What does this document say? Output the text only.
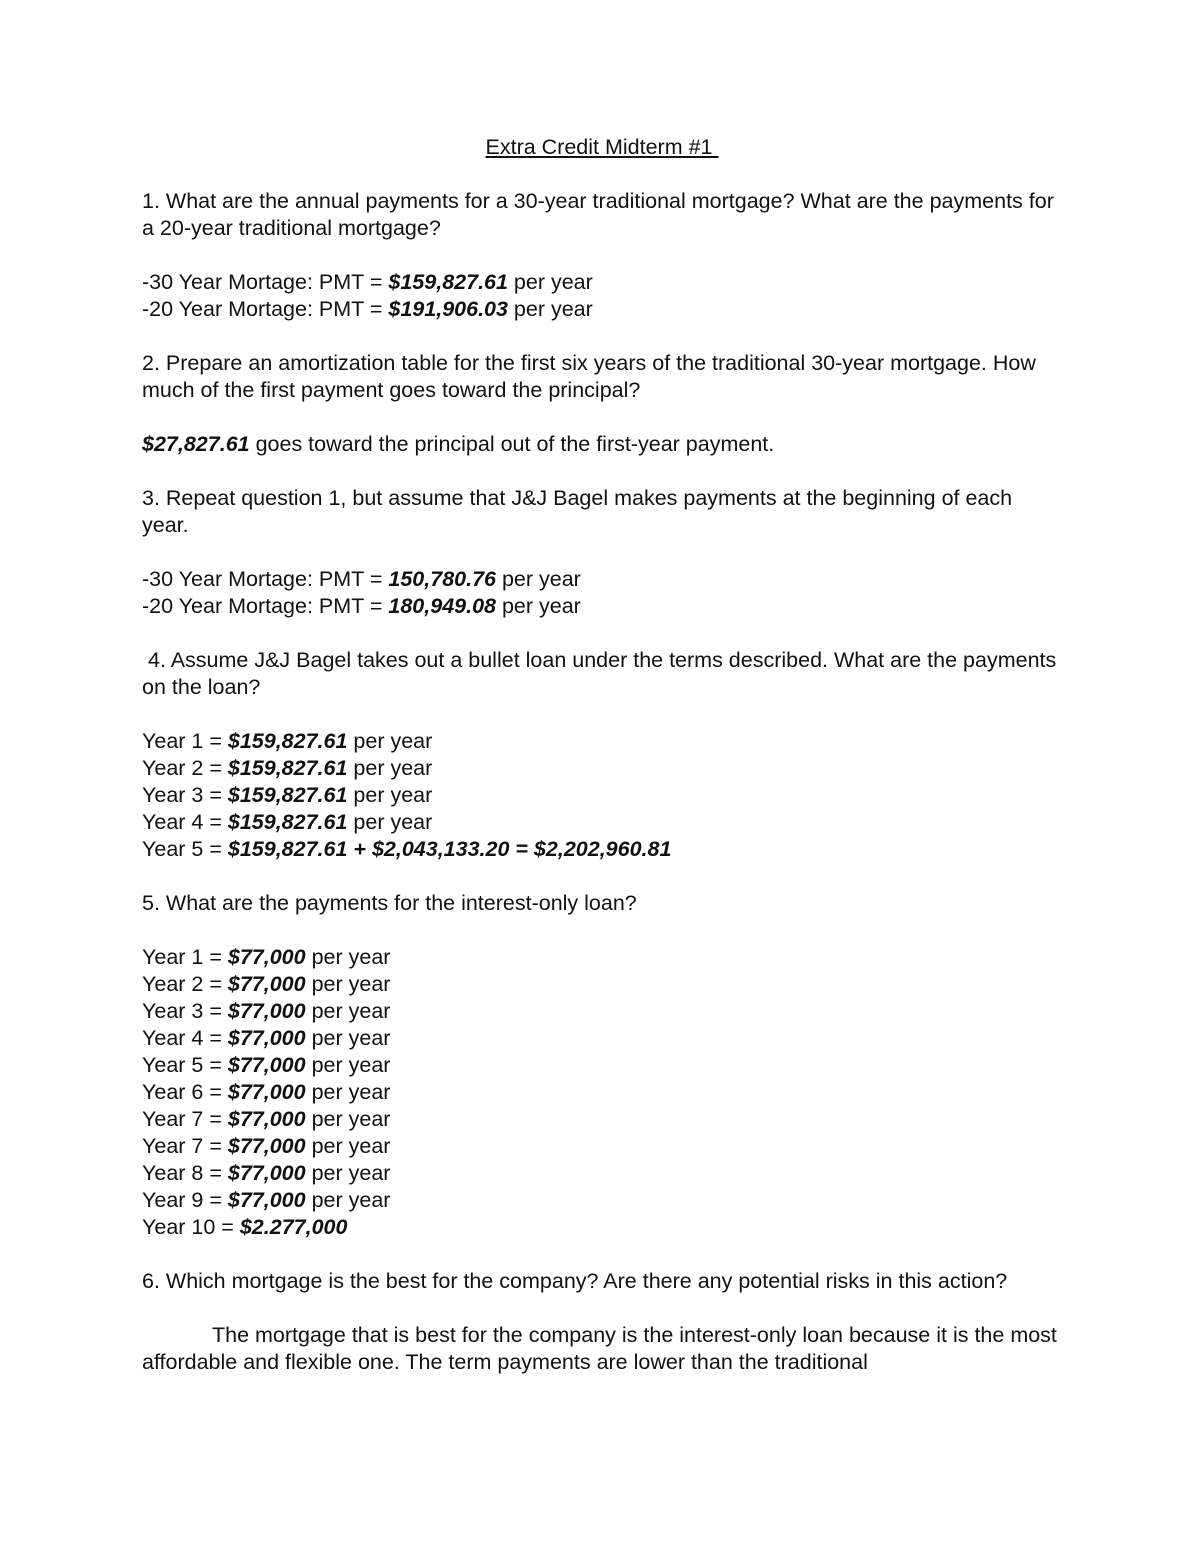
Extra Credit Midterm #1

1. What are the annual payments for a 30-year traditional mortgage? What are the payments for a 20-year traditional mortgage?

-30 Year Mortage: PMT = $159,827.61 per year

-20 Year Mortage: PMT = $191,906.03 per year

2. Prepare an amortization table for the first six years of the traditional 30-year mortgage. How much of the first payment goes toward the principal?

$27,827.61 goes toward the principal out of the first-year payment.

3. Repeat question 1, but assume that J&J Bagel makes payments at the beginning of each year.

-30 Year Mortage: PMT = 150,780.76 per year

-20 Year Mortage: PMT = 180,949.08 per year

4. Assume J&J Bagel takes out a bullet loan under the terms described. What are the payments on the loan?

Year 1 = $159,827.61 per year

Year 2 = $159,827.61 per year

Year 3 = $159,827.61 per year

Year 4 = $159,827.61 per year

Year 5 = $159,827.61 + $2,043,133.20 = $2,202,960.81

5. What are the payments for the interest-only loan?

Year 1 = $77,000 per year

Year 2 = $77,000 per year

Year 3 = $77,000 per year

Year 4 = $77,000 per year

Year 5 = $77,000 per year

Year 6 = $77,000 per year

Year 7 = $77,000 per year

Year 7 = $77,000 per year

Year 8 = $77,000 per year

Year 9 = $77,000 per year

Year 10 = $2.277,000

6. Which mortgage is the best for the company? Are there any potential risks in this action?

The mortgage that is best for the company is the interest-only loan because it is the most affordable and flexible one. The term payments are lower than the traditional
